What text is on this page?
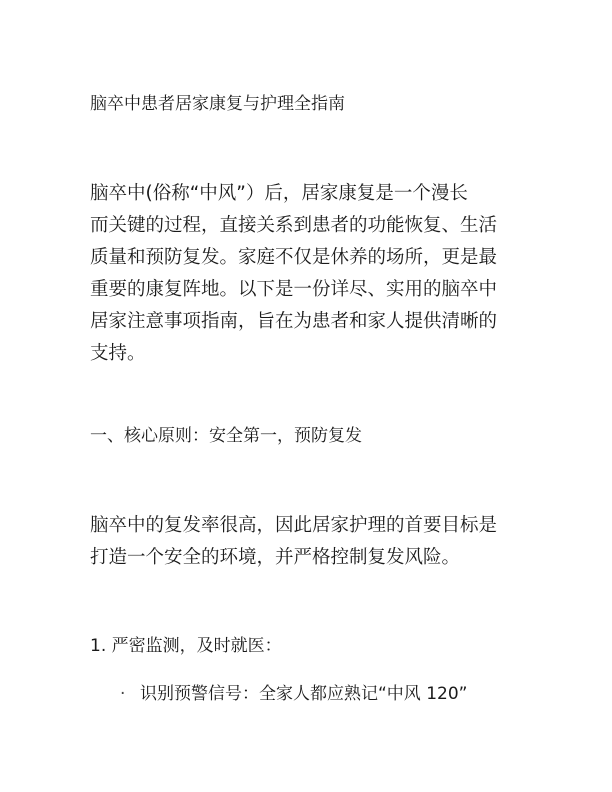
脑卒中患者居家康复与护理全指南
脑卒中(俗称“中风”）后，居家康复是一个漫长
而关键的过程，直接关系到患者的功能恢复、生活
质量和预防复发。家庭不仅是休养的场所，更是最
重要的康复阵地。以下是一份详尽、实用的脑卒中
居家注意事项指南，旨在为患者和家人提供清晰的
支持。
一、核心原则：安全第一，预防复发
脑卒中的复发率很高，因此居家护理的首要目标是
打造一个安全的环境，并严格控制复发风险。
1. 严密监测，及时就医：
· 识别预警信号：全家人都应熟记“中风 120”
